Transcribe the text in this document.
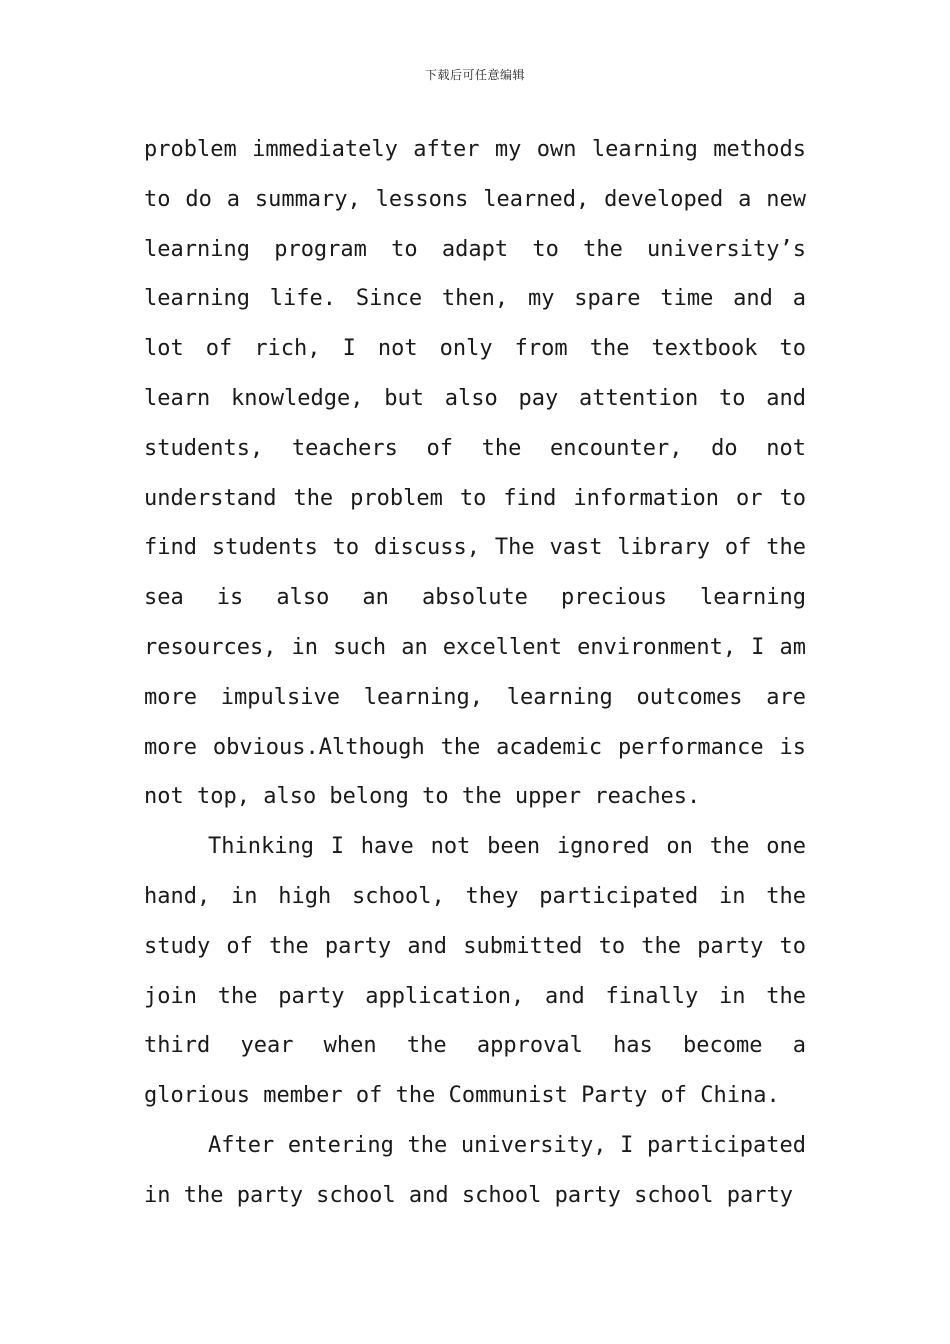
下载后可任意编辑

problem immediately after my own learning methods to do a summary, lessons learned, developed a new learning program to adapt to the university’s learning life. Since then, my spare time and a lot of rich, I not only from the textbook to learn knowledge, but also pay attention to and students, teachers of the encounter, do not understand the problem to find information or to find students to discuss, The vast library of the sea is also an absolute precious learning resources, in such an excellent environment, I am more impulsive learning, learning outcomes are more obvious.Although the academic performance is not top, also belong to the upper reaches.

Thinking I have not been ignored on the one hand, in high school, they participated in the study of the party and submitted to the party to join the party application, and finally in the third year when the approval has become a glorious member of the Communist Party of China.

After entering the university, I participated in the party school and school party school party
